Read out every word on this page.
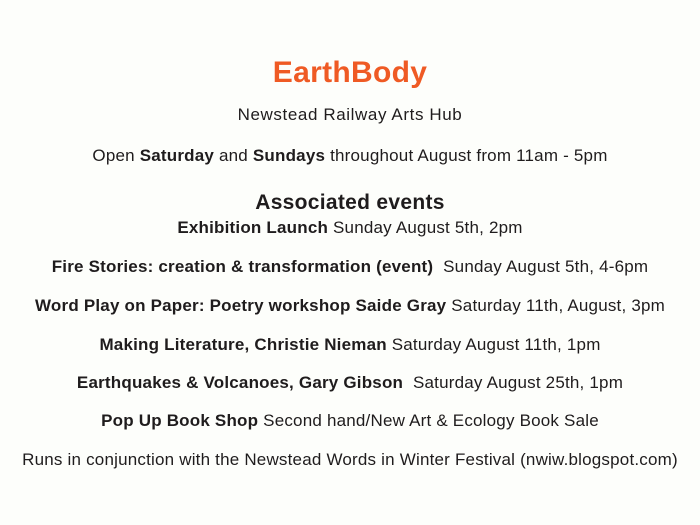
EarthBody
Newstead Railway Arts Hub
Open Saturday and Sundays throughout August from 11am - 5pm
Associated events
Exhibition Launch Sunday August 5th, 2pm
Fire Stories: creation & transformation (event)  Sunday August 5th, 4-6pm
Word Play on Paper: Poetry workshop Saide Gray Saturday 11th, August, 3pm
Making Literature, Christie Nieman Saturday August 11th, 1pm
Earthquakes & Volcanoes, Gary Gibson  Saturday August 25th, 1pm
Pop Up Book Shop Second hand/New Art & Ecology Book Sale
Runs in conjunction with the Newstead Words in Winter Festival (nwiw.blogspot.com)
